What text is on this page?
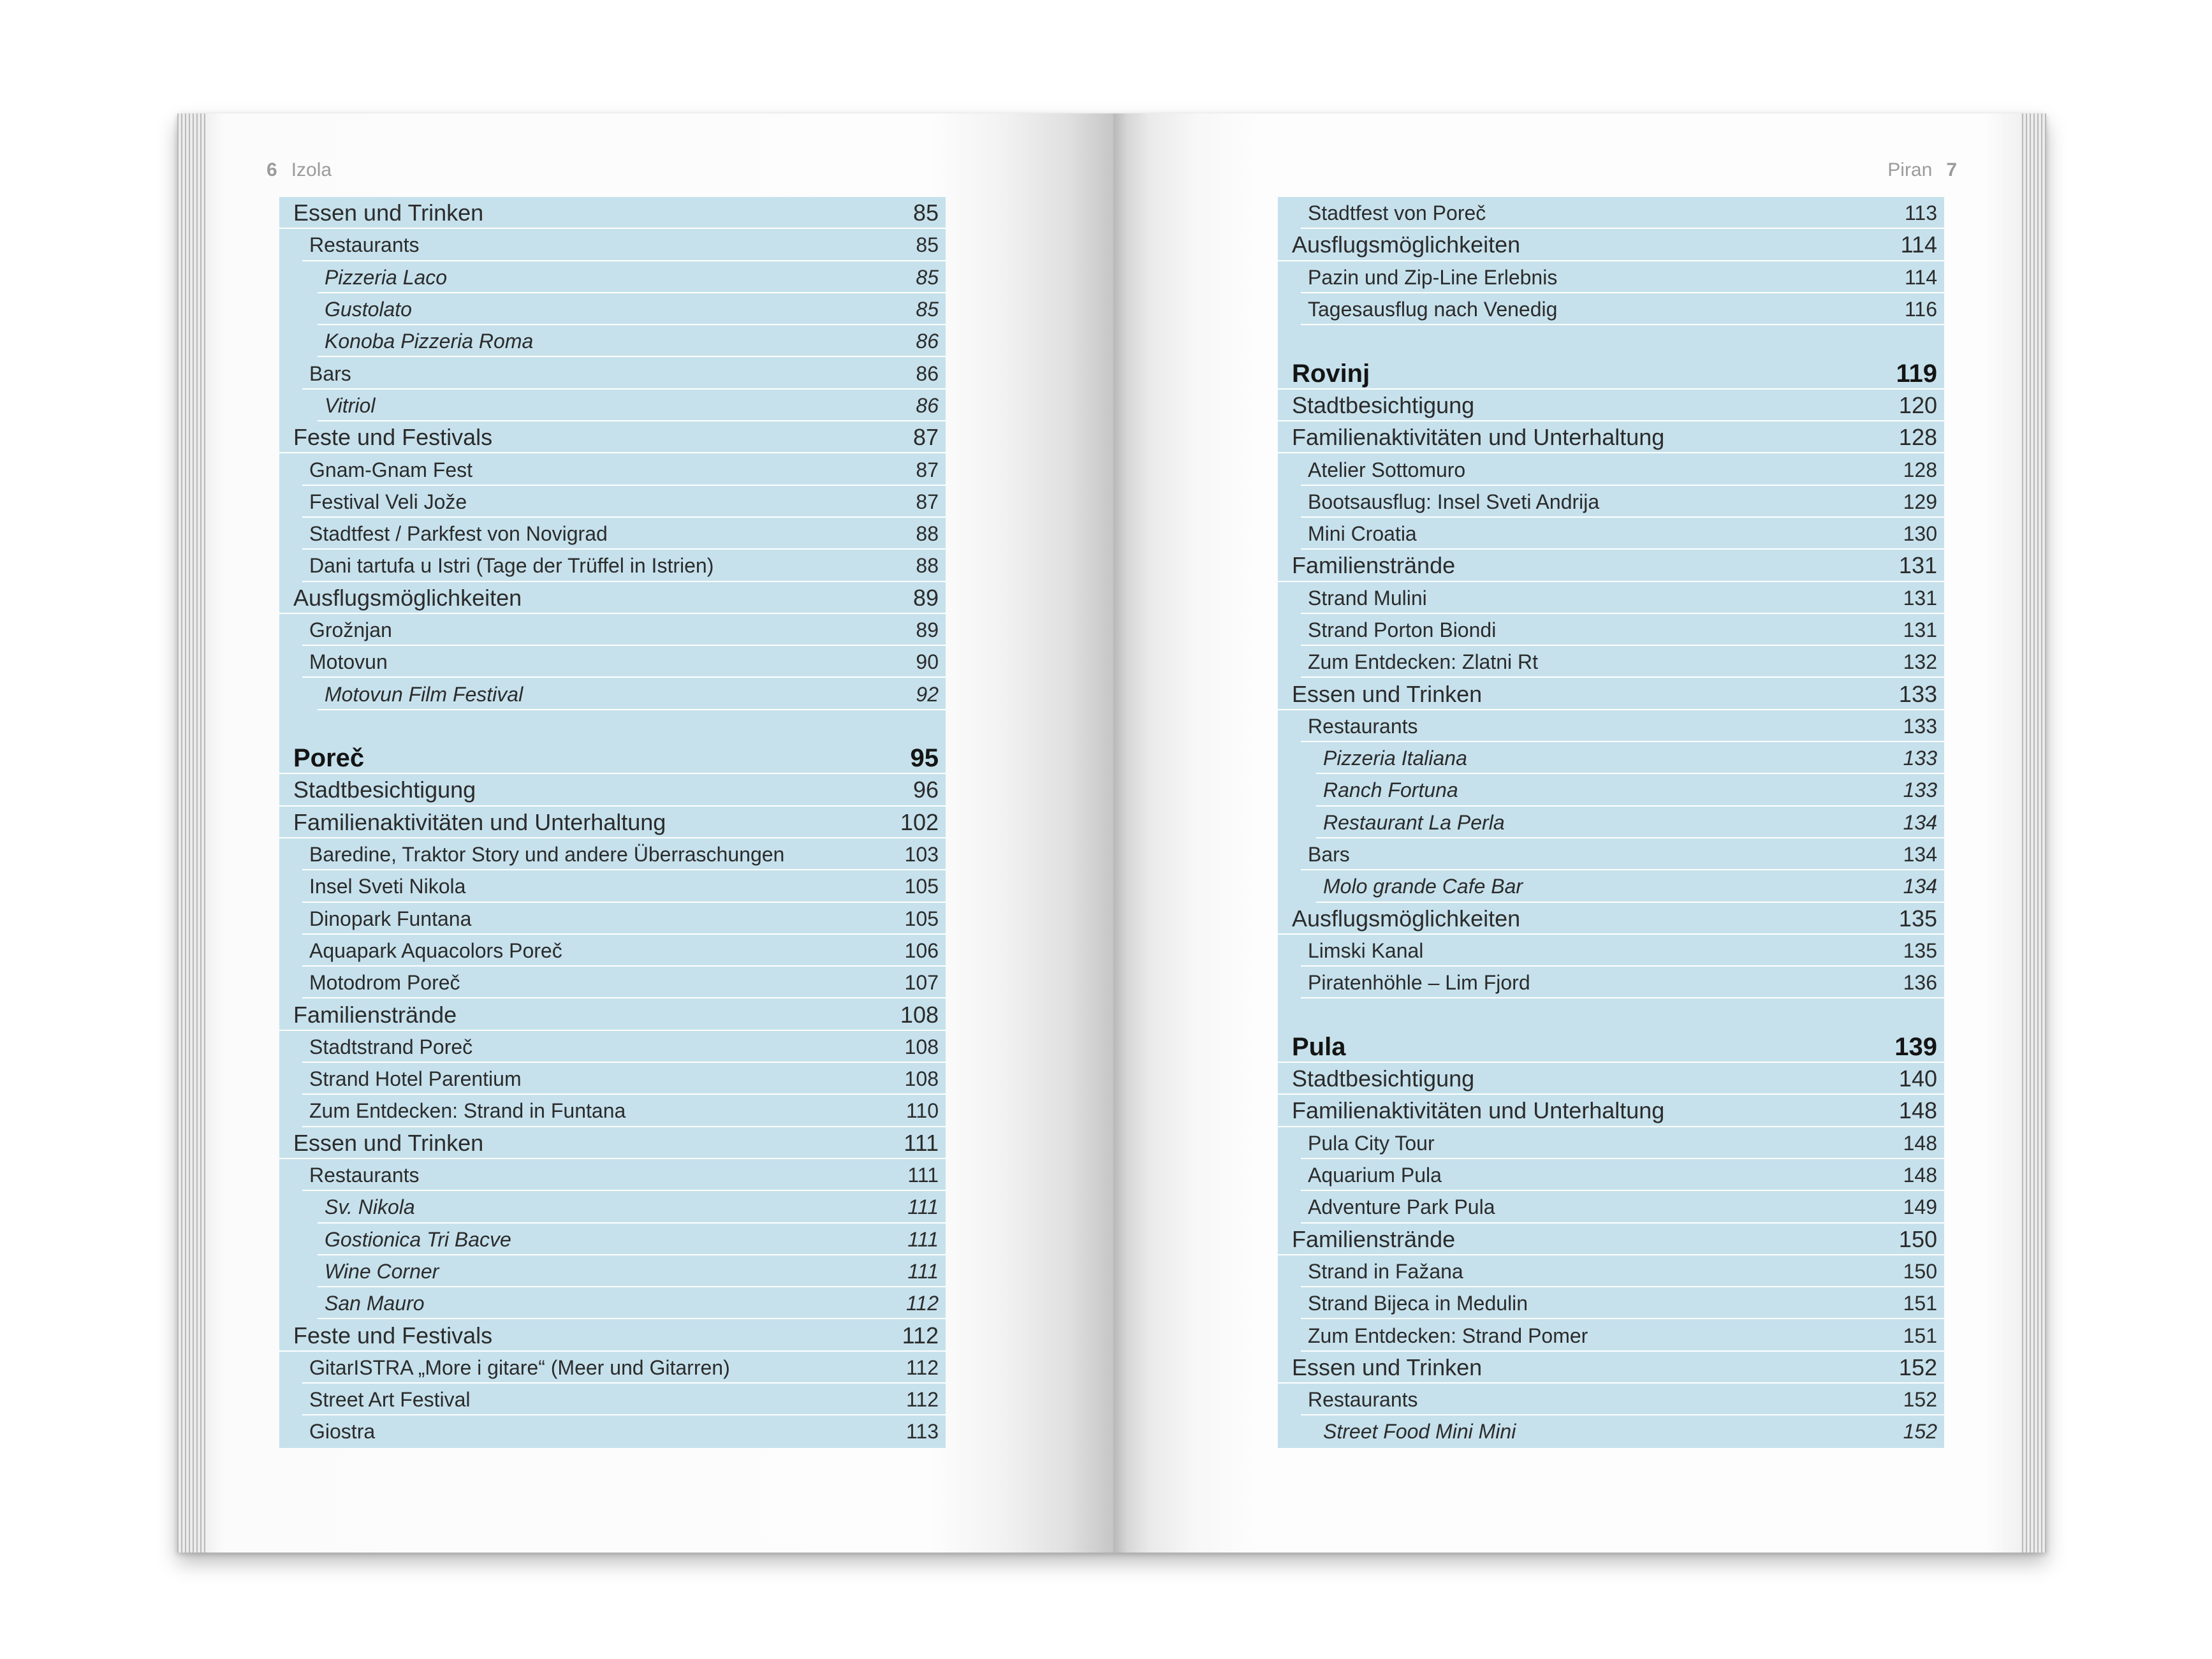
6 Izola
Essen und Trinken	85
Restaurants	85
Pizzeria Laco	85
Gustolato	85
Konoba Pizzeria Roma	86
Bars	86
Vitriol	86
Feste und Festivals	87
Gnam-Gnam Fest	87
Festival Veli Jože	87
Stadtfest / Parkfest von Novigrad	88
Dani tartufa u Istri (Tage der Trüffel in Istrien)	88
Ausflugsmöglichkeiten	89
Grožnjan	89
Motovun	90
Motovun Film Festival	92
Poreč	95
Stadtbesichtigung	96
Familienaktivitäten und Unterhaltung	102
Baredine, Traktor Story und andere Überraschungen	103
Insel Sveti Nikola	105
Dinopark Funtana	105
Aquapark Aquacolors Poreč	106
Motodrom Poreč	107
Familienstrände	108
Stadtstrand Poreč	108
Strand Hotel Parentium	108
Zum Entdecken: Strand in Funtana	110
Essen und Trinken	111
Restaurants	111
Sv. Nikola	111
Gostionica Tri Bacve	111
Wine Corner	111
San Mauro	112
Feste und Festivals	112
GitarISTRA „More i gitare“ (Meer und Gitarren)	112
Street Art Festival	112
Giostra	113
Piran 7
Stadtfest von Poreč	113
Ausflugsmöglichkeiten	114
Pazin und Zip-Line Erlebnis	114
Tagesausflug nach Venedig	116
Rovinj	119
Stadtbesichtigung	120
Familienaktivitäten und Unterhaltung	128
Atelier Sottomuro	128
Bootsausflug: Insel Sveti Andrija	129
Mini Croatia	130
Familienstrände	131
Strand Mulini	131
Strand Porton Biondi	131
Zum Entdecken: Zlatni Rt	132
Essen und Trinken	133
Restaurants	133
Pizzeria Italiana	133
Ranch Fortuna	133
Restaurant La Perla	134
Bars	134
Molo grande Cafe Bar	134
Ausflugsmöglichkeiten	135
Limski Kanal	135
Piratenhöhle – Lim Fjord	136
Pula	139
Stadtbesichtigung	140
Familienaktivitäten und Unterhaltung	148
Pula City Tour	148
Aquarium Pula	148
Adventure Park Pula	149
Familienstrände	150
Strand in Fažana	150
Strand Bijeca in Medulin	151
Zum Entdecken: Strand Pomer	151
Essen und Trinken	152
Restaurants	152
Street Food Mini Mini	152
